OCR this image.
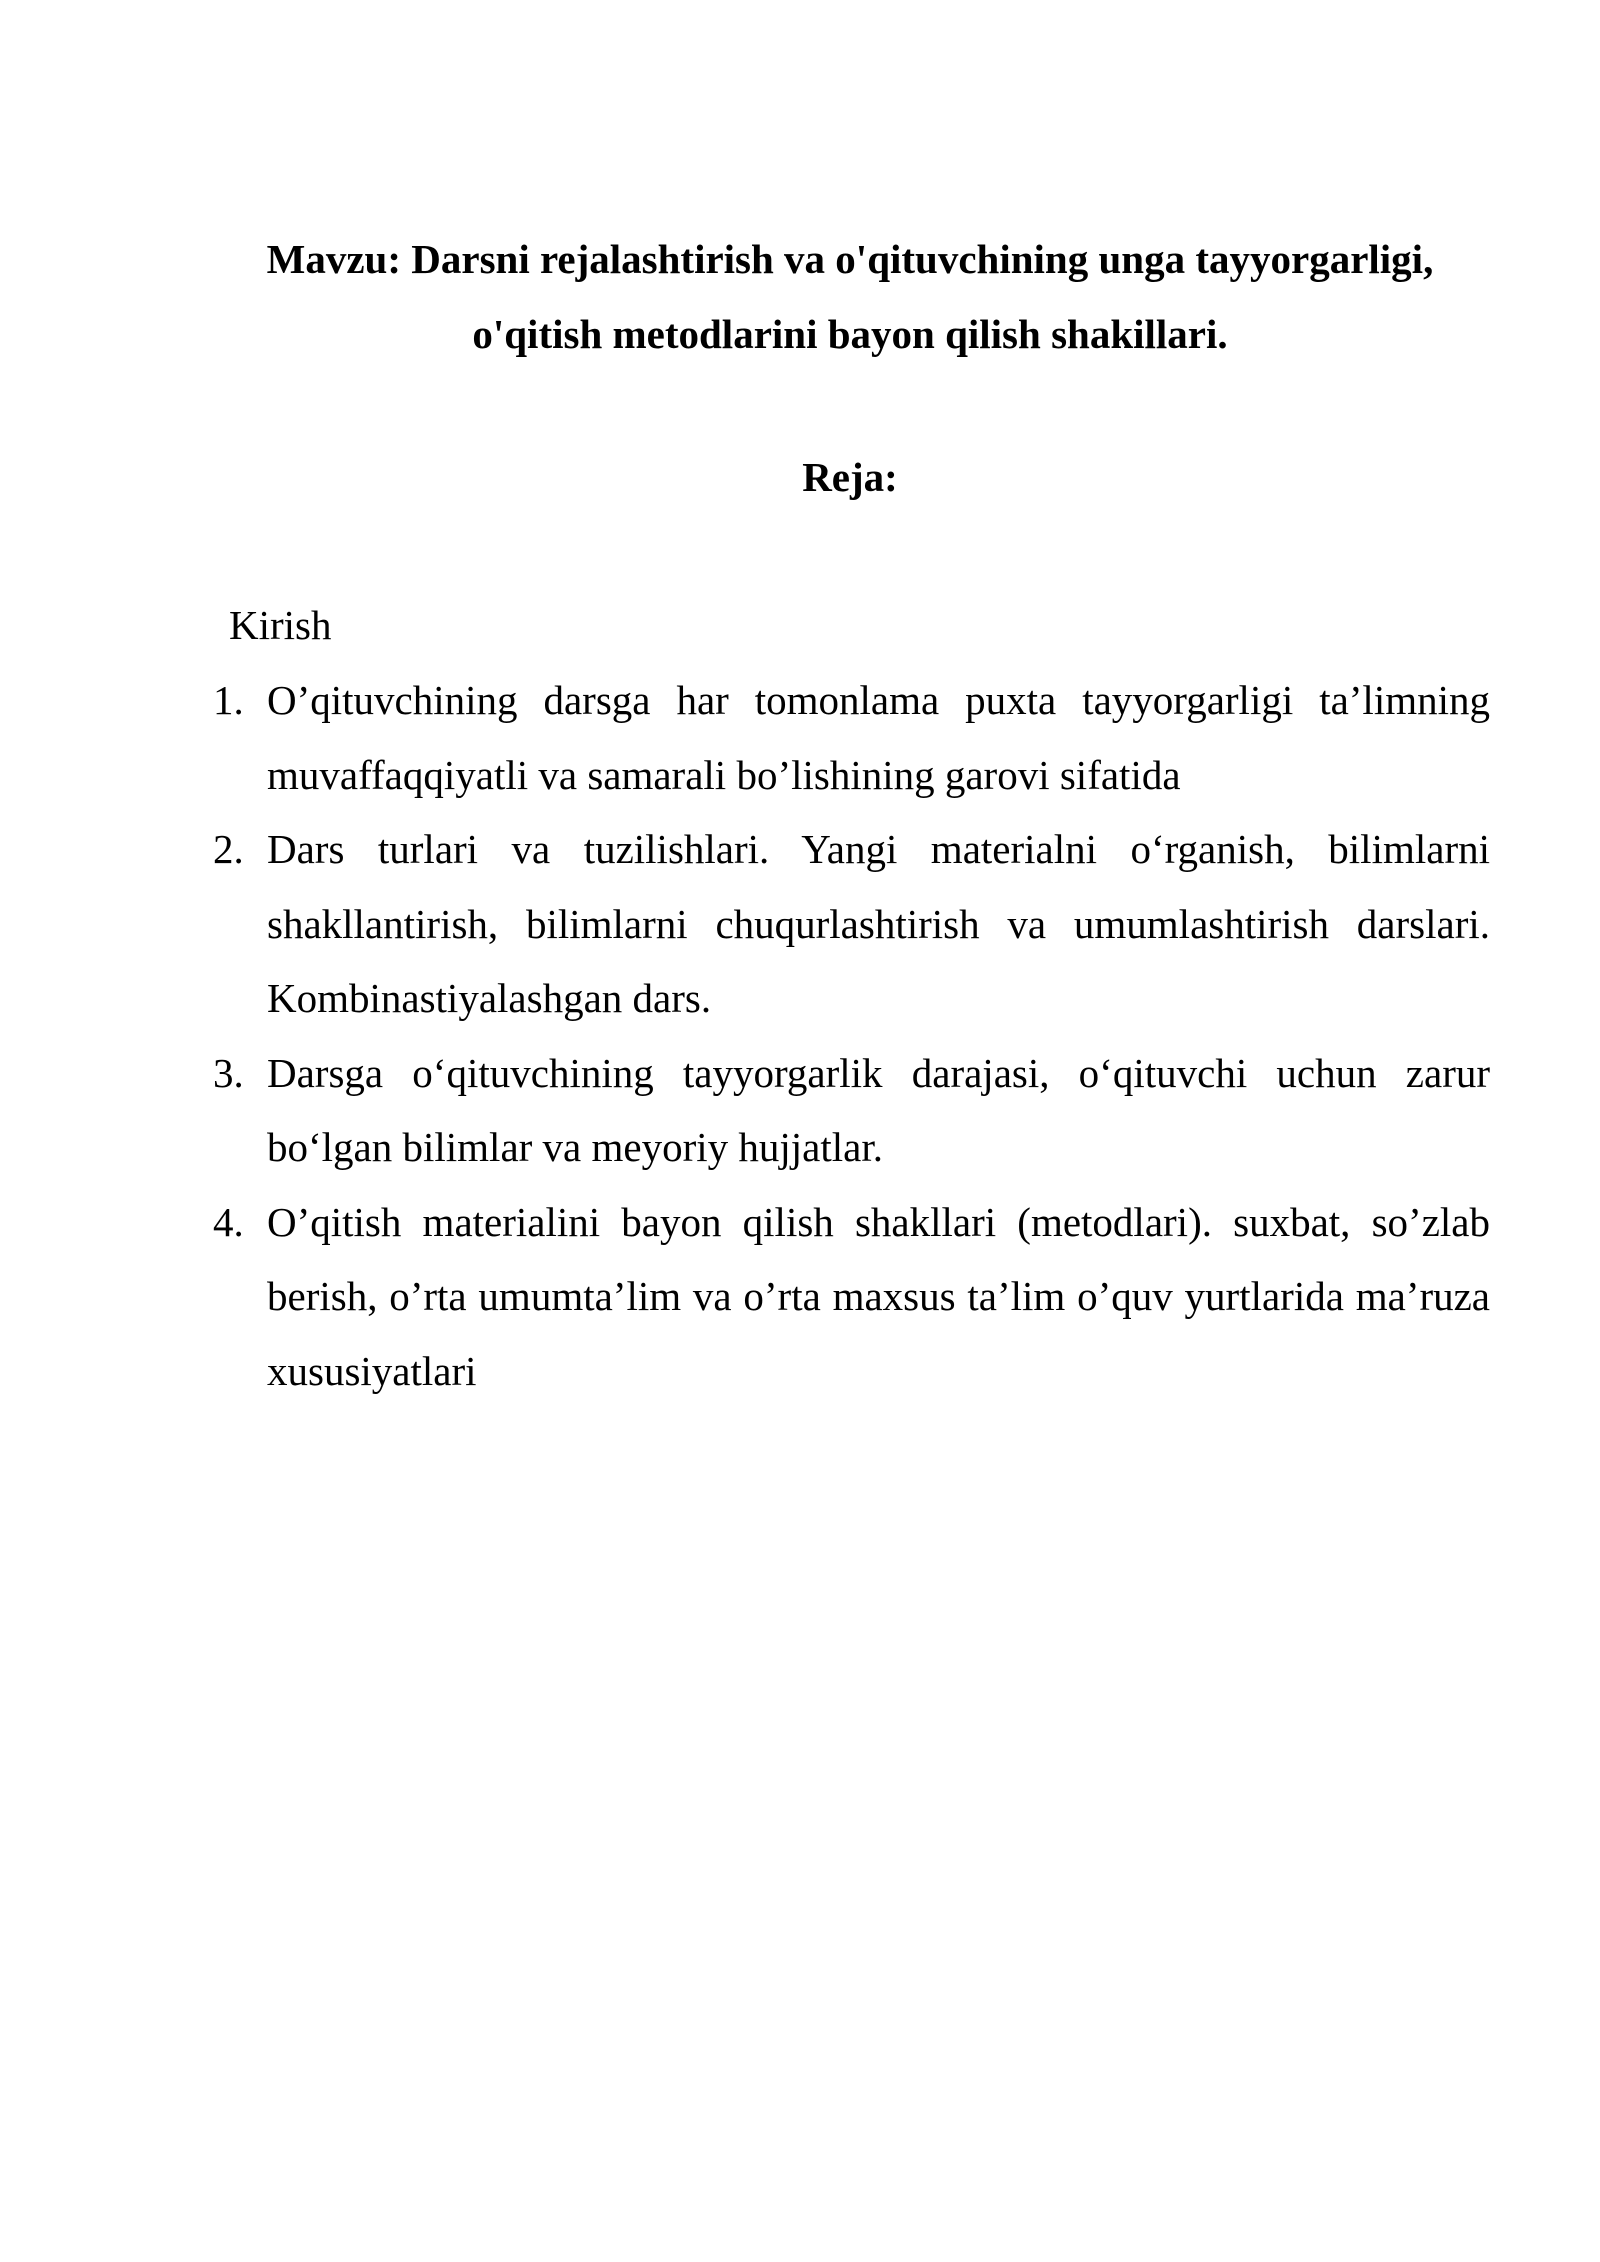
Mavzu: Darsni rejalashtirish va o'qituvchining unga tayyorgarligi,
o'qitish metodlarini bayon qilish shakillari.
Reja:

Kirish

1. O’qituvchining darsga har tomonlama puxta tayyorgarligi ta’limning muvaffaqqiyatli va samarali bo’lishining garovi sifatida
2. Dars turlari va tuzilishlari. Yangi materialni o‘rganish, bilimlarni shakllantirish, bilimlarni chuqurlashtirish va umumlashtirish darslari. Kombinastiyalashgan dars.
3. Darsga o‘qituvchining tayyorgarlik darajasi, o‘qituvchi uchun zarur bo‘lgan bilimlar va meyoriy hujjatlar.
4. O’qitish materialini bayon qilish shakllari (metodlari). suxbat, so’zlab berish, o’rta umumta’lim va o’rta maxsus ta’lim o’quv yurtlarida ma’ruza xususiyatlari
